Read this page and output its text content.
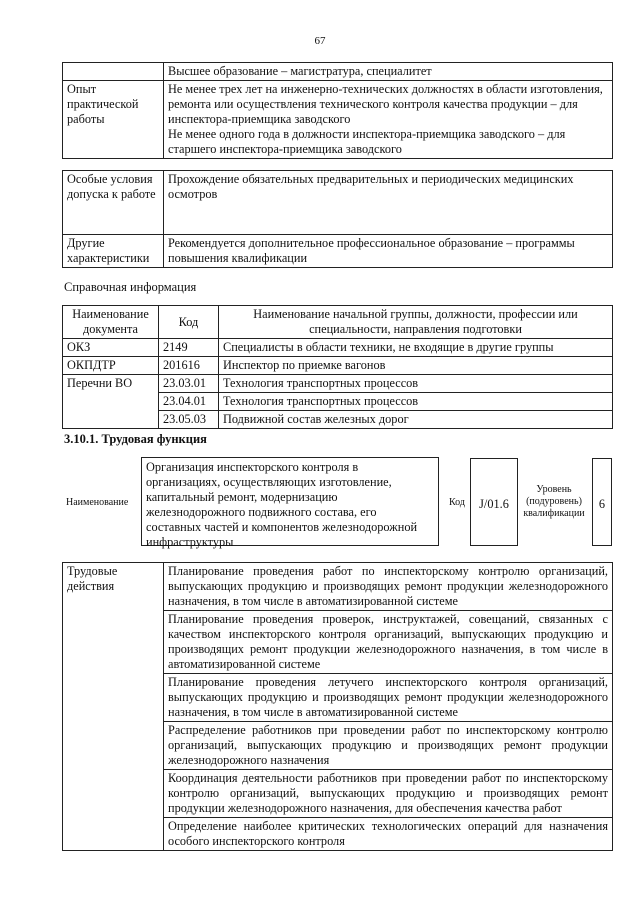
67
	Высшее образование – магистратура, специалитет
Опыт практической работы	Не менее трех лет на инженерно-технических должностях в области изготовления, ремонта или осуществления технического контроля качества продукции – для инспектора-приемщика заводского
Не менее одного года в должности инспектора-приемщика заводского – для старшего инспектора-приемщика заводского
Особые условия допуска к работе	Прохождение обязательных предварительных и периодических медицинских осмотров
Другие характеристики	Рекомендуется дополнительное профессиональное образование – программы повышения квалификации
Справочная информация
Наименование документа	Код	Наименование начальной группы, должности, профессии или специальности, направления подготовки
ОКЗ	2149	Специалисты в области техники, не входящие в другие группы
ОКПДТР	201616	Инспектор по приемке вагонов
Перечни ВО	23.03.01	Технология транспортных процессов
	23.04.01	Технология транспортных процессов
	23.05.03	Подвижной состав железных дорог
3.10.1. Трудовая функция
Наименование
Организация инспекторского контроля в организациях, осуществляющих изготовление, капитальный ремонт, модернизацию железнодорожного подвижного состава, его составных частей и компонентов железнодорожной инфраструктуры
Код	J/01.6
Уровень (подуровень) квалификации
6
Трудовые действия	Планирование проведения работ по инспекторскому контролю организаций, выпускающих продукцию и производящих ремонт продукции железнодорожного назначения, в том числе в автоматизированной системе
Планирование проведения проверок, инструктажей, совещаний, связанных с качеством инспекторского контроля организаций, выпускающих продукцию и производящих ремонт продукции железнодорожного назначения, в том числе в автоматизированной системе
Планирование проведения летучего инспекторского контроля организаций, выпускающих продукцию и производящих ремонт продукции железнодорожного назначения, в том числе в автоматизированной системе
Распределение работников при проведении работ по инспекторскому контролю организаций, выпускающих продукцию и производящих ремонт продукции железнодорожного назначения
Координация деятельности работников при проведении работ по инспекторскому контролю организаций, выпускающих продукцию и производящих ремонт продукции железнодорожного назначения, для обеспечения качества работ
Определение наиболее критических технологических операций для назначения особого инспекторского контроля
